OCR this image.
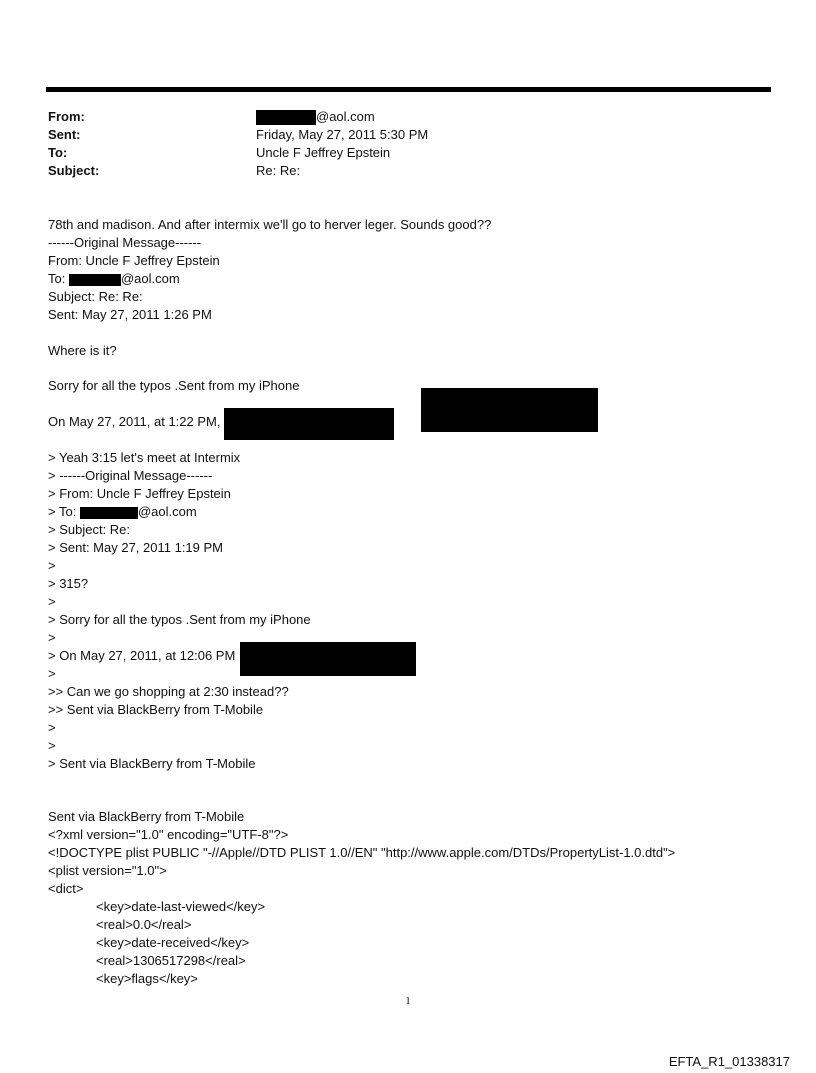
From:	@aol.com
Sent:	Friday, May 27, 2011 5:30 PM
To:	Uncle F Jeffrey Epstein
Subject:	Re: Re:
78th and madison. And after intermix we'll go to herver leger. Sounds good??
------Original Message------
From: Uncle F Jeffrey Epstein
To:	@aol.com
Subject: Re: Re:
Sent: May 27, 2011 1:26 PM
Where is it?
Sorry for all the typos .Sent from my iPhone
On May 27, 2011, at 1:22 PM,
> Yeah 3:15 let's meet at Intermix
> ------Original Message------
> From: Uncle F Jeffrey Epstein
> To:	@aol.com
> Subject: Re:
> Sent: May 27, 2011 1:19 PM
>
> 315?
>
> Sorry for all the typos .Sent from my iPhone
>
> On May 27, 2011, at 12:06 PM
>
>> Can we go shopping at 2:30 instead??
>> Sent via BlackBerry from T-Mobile
>
>
> Sent via BlackBerry from T-Mobile
Sent via BlackBerry from T-Mobile
<?xml version="1.0" encoding="UTF-8"?>
<!DOCTYPE plist PUBLIC "-//Apple//DTD PLIST 1.0//EN" "http://www.apple.com/DTDs/PropertyList-1.0.dtd">
<plist version="1.0">
<dict>
<key>date-last-viewed</key>
<real>0.0</real>
<key>date-received</key>
<real>1306517298</real>
<key>flags</key>
1
EFTA_R1_01338317
